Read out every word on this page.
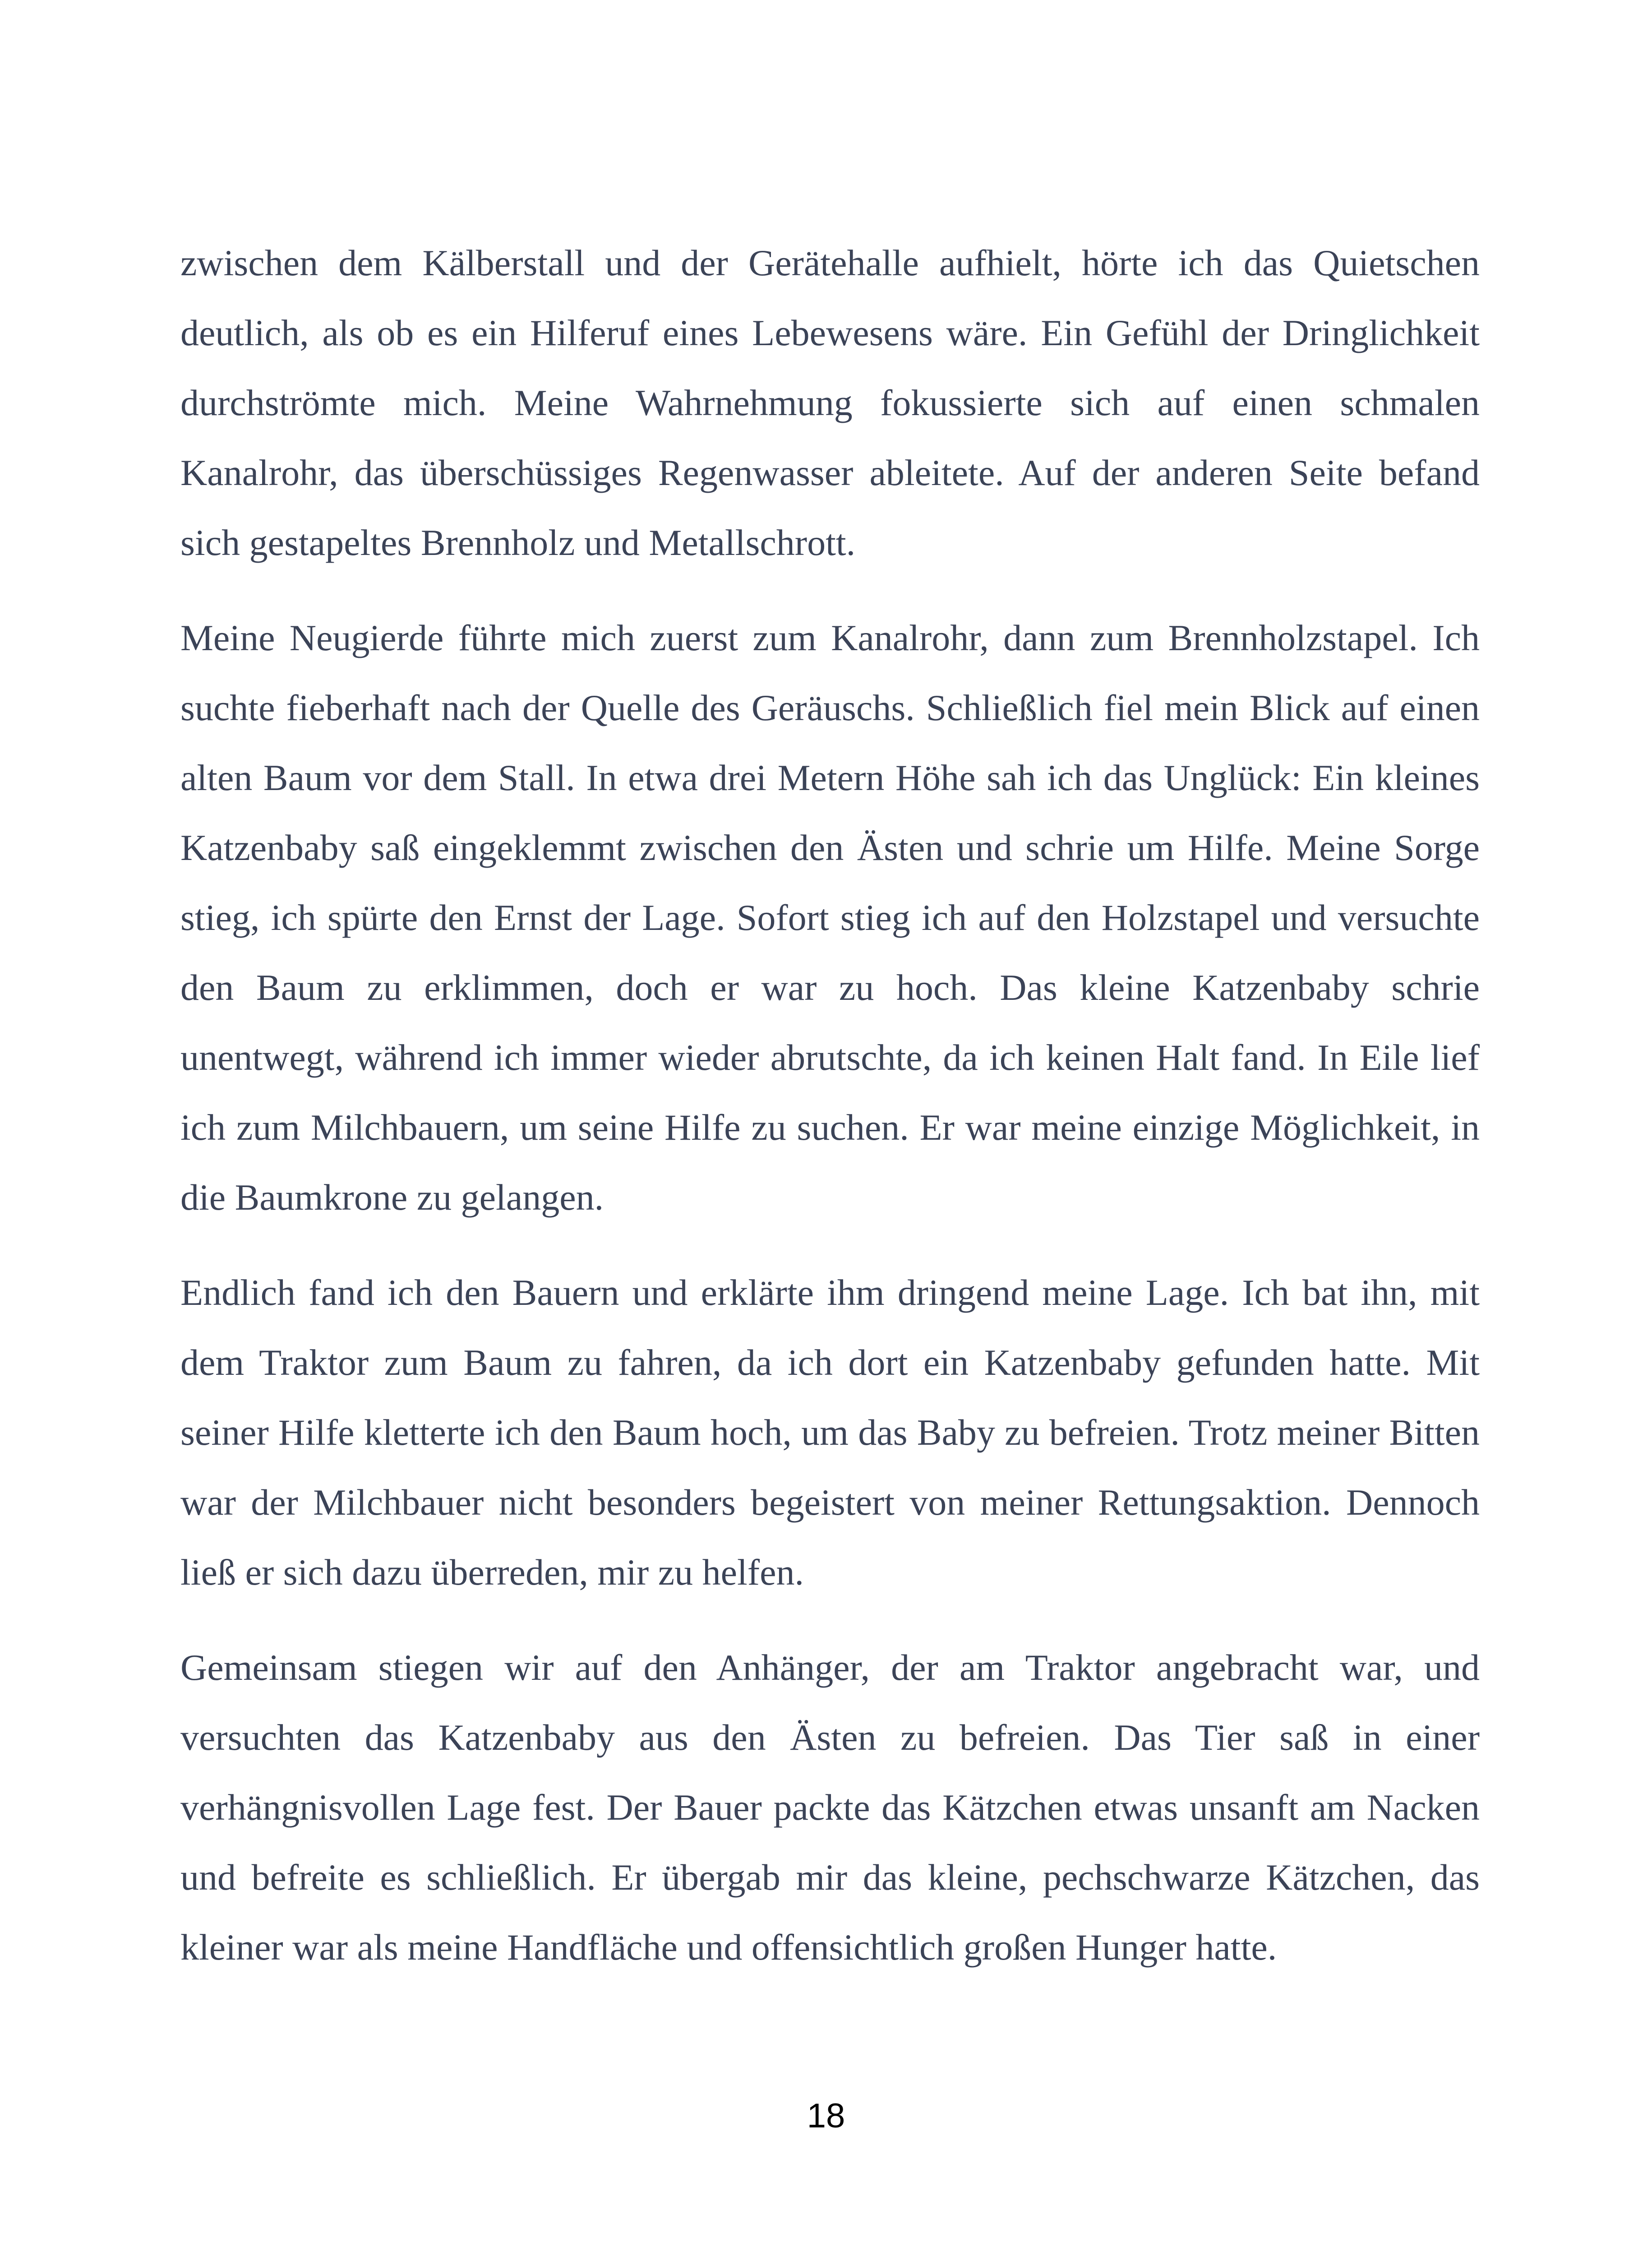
zwischen dem Kälberstall und der Gerätehalle aufhielt, hörte ich das Quietschen deutlich, als ob es ein Hilferuf eines Lebewesens wäre. Ein Gefühl der Dringlichkeit durchströmte mich. Meine Wahrnehmung fokussierte sich auf einen schmalen Kanalrohr, das überschüssiges Regenwasser ableitete. Auf der anderen Seite befand sich gestapeltes Brennholz und Metallschrott.

Meine Neugierde führte mich zuerst zum Kanalrohr, dann zum Brennholzstapel. Ich suchte fieberhaft nach der Quelle des Geräuschs. Schließlich fiel mein Blick auf einen alten Baum vor dem Stall. In etwa drei Metern Höhe sah ich das Unglück: Ein kleines Katzenbaby saß eingeklemmt zwischen den Ästen und schrie um Hilfe. Meine Sorge stieg, ich spürte den Ernst der Lage. Sofort stieg ich auf den Holzstapel und versuchte den Baum zu erklimmen, doch er war zu hoch. Das kleine Katzenbaby schrie unentwegt, während ich immer wieder abrutschte, da ich keinen Halt fand. In Eile lief ich zum Milchbauern, um seine Hilfe zu suchen. Er war meine einzige Möglichkeit, in die Baumkrone zu gelangen.

Endlich fand ich den Bauern und erklärte ihm dringend meine Lage. Ich bat ihn, mit dem Traktor zum Baum zu fahren, da ich dort ein Katzenbaby gefunden hatte. Mit seiner Hilfe kletterte ich den Baum hoch, um das Baby zu befreien. Trotz meiner Bitten war der Milchbauer nicht besonders begeistert von meiner Rettungsaktion. Dennoch ließ er sich dazu überreden, mir zu helfen.

Gemeinsam stiegen wir auf den Anhänger, der am Traktor angebracht war, und versuchten das Katzenbaby aus den Ästen zu befreien. Das Tier saß in einer verhängnisvollen Lage fest. Der Bauer packte das Kätzchen etwas unsanft am Nacken und befreite es schließlich. Er übergab mir das kleine, pechschwarze Kätzchen, das kleiner war als meine Handfläche und offensichtlich großen Hunger hatte.

18
